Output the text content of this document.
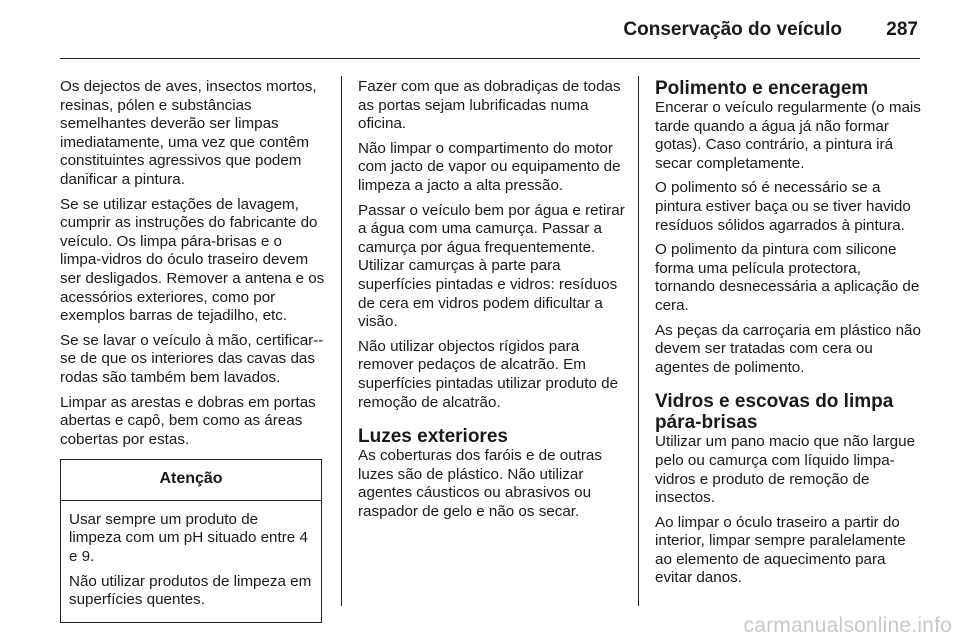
Conservação do veículo 287

Os dejectos de aves, insectos mortos, resinas, pólen e substâncias semelhantes deverão ser limpas imediatamente, uma vez que contêm constituintes agressivos que podem danificar a pintura.

Se se utilizar estações de lavagem, cumprir as instruções do fabricante do veículo. Os limpa pára-brisas e o limpa-vidros do óculo traseiro devem ser desligados. Remover a antena e os acessórios exteriores, como por exemplos barras de tejadilho, etc.

Se se lavar o veículo à mão, certificar--se de que os interiores das cavas das rodas são também bem lavados.

Limpar as arestas e dobras em portas abertas e capô, bem como as áreas cobertas por estas.

Atenção

Usar sempre um produto de limpeza com um pH situado entre 4 e 9.

Não utilizar produtos de limpeza em superfícies quentes.

Fazer com que as dobradiças de todas as portas sejam lubrificadas numa oficina.

Não limpar o compartimento do motor com jacto de vapor ou equipamento de limpeza a jacto a alta pressão.

Passar o veículo bem por água e retirar a água com uma camurça. Passar a camurça por água frequentemente. Utilizar camurças à parte para superfícies pintadas e vidros: resíduos de cera em vidros podem dificultar a visão.

Não utilizar objectos rígidos para remover pedaços de alcatrão. Em superfícies pintadas utilizar produto de remoção de alcatrão.

Luzes exteriores

As coberturas dos faróis e de outras luzes são de plástico. Não utilizar agentes cáusticos ou abrasivos ou raspador de gelo e não os secar.

Polimento e enceragem

Encerar o veículo regularmente (o mais tarde quando a água já não formar gotas). Caso contrário, a pintura irá secar completamente.

O polimento só é necessário se a pintura estiver baça ou se tiver havido resíduos sólidos agarrados à pintura.

O polimento da pintura com silicone forma uma película protectora, tornando desnecessária a aplicação de cera.

As peças da carroçaria em plástico não devem ser tratadas com cera ou agentes de polimento.

Vidros e escovas do limpa pára-brisas

Utilizar um pano macio que não largue pelo ou camurça com líquido limpa-vidros e produto de remoção de insectos.

Ao limpar o óculo traseiro a partir do interior, limpar sempre paralelamente ao elemento de aquecimento para evitar danos.

carmanualsonline.info
